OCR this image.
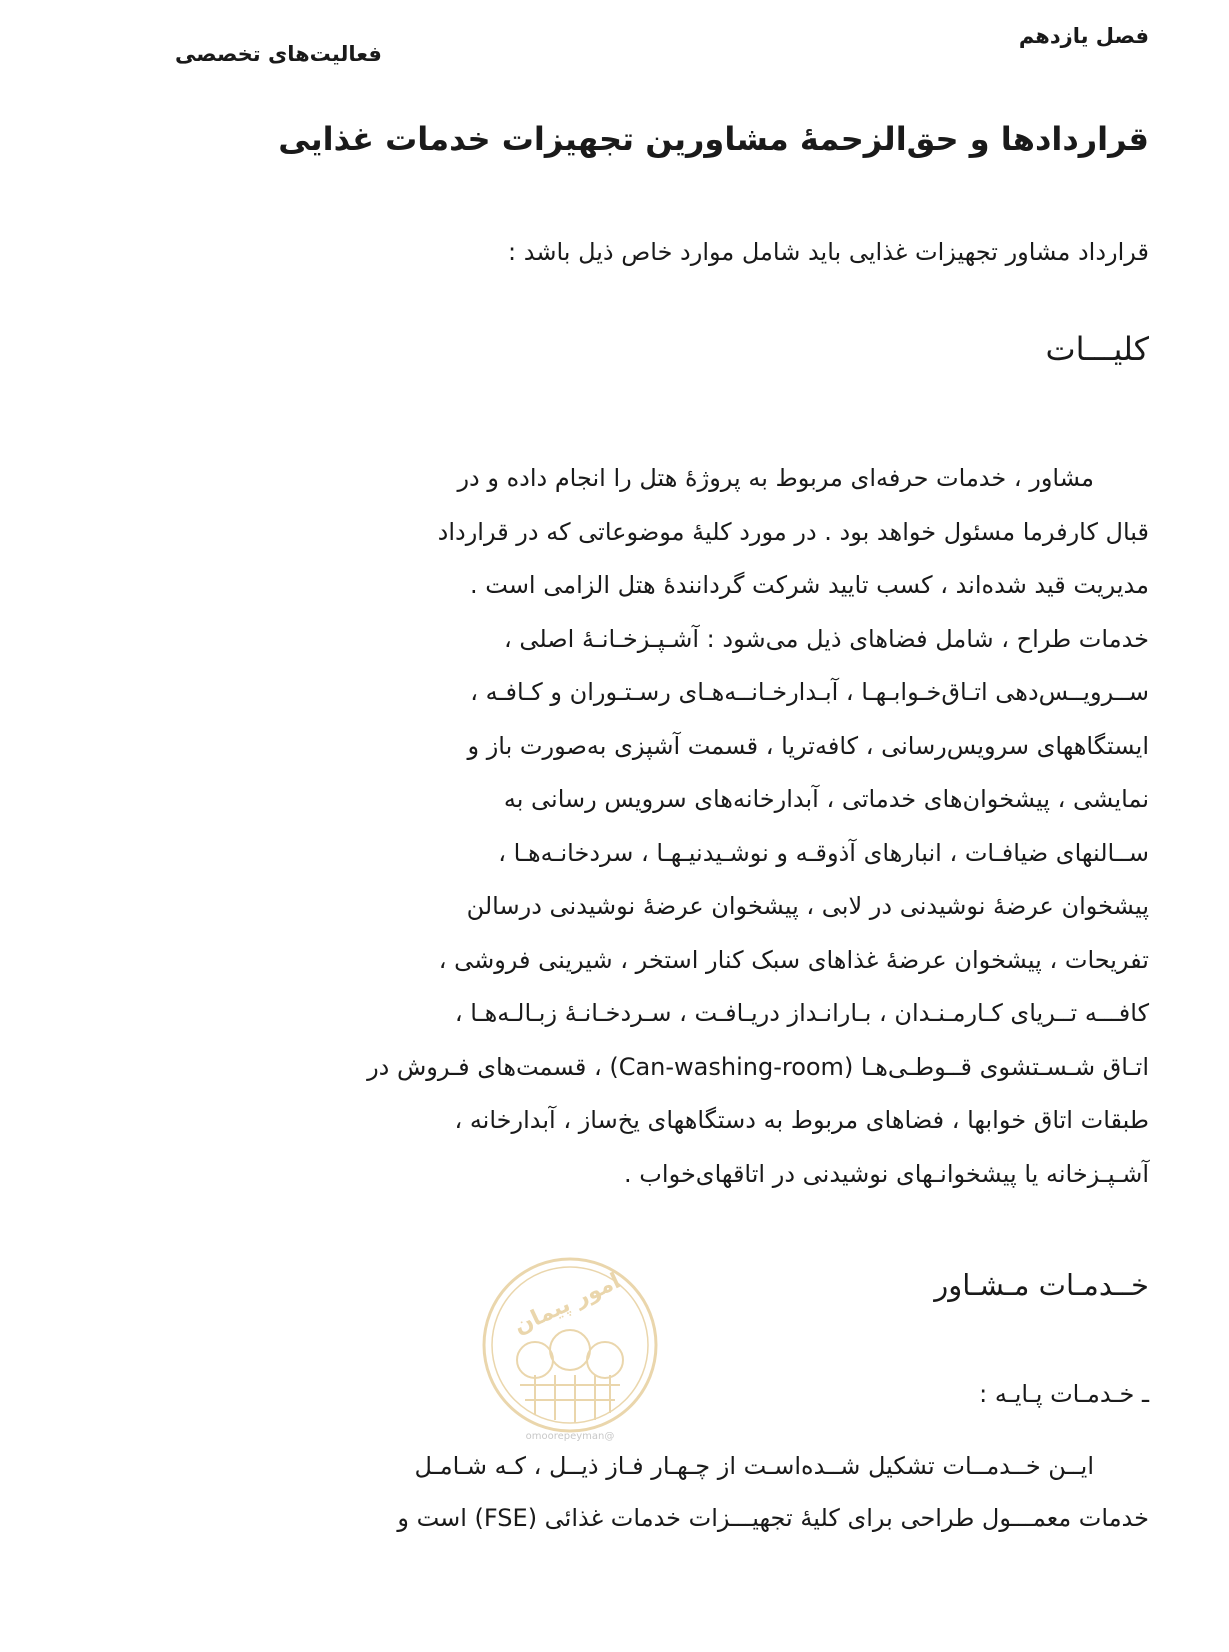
فصل یازدهم
فعالیت‌های تخصصی
قراردادها و حق‌الزحمهٔ مشاورین تجهیزات خدمات غذایی
قرارداد مشاور تجهیزات غذایی باید شامل موارد خاص ذیل باشد :
کلیـــات
مشاور ، خدمات حرفه‌ای مربوط به پروژهٔ هتل را انجام داده و در
قبال کارفرما مسئول خواهد بود . در مورد کلیهٔ موضوعاتی که در قرارداد
مدیریت قید شده‌اند ، کسب تایید شرکت گردانندهٔ هتل الزامی است .
خدمات طراح ، شامل فضاهای ذیل می‌شود : آشـپـزخـانـهٔ اصلی ،
ســرویــس‌دهی اتـاق‌خـوابـهـا ، آبـدارخـانــه‌هـای رسـتـوران و کـافـه ،
ایستگاههای سرویس‌رسانی ، کافه‌تریا ، قسمت آشپزی به‌صورت باز و
نمایشی ، پیشخوان‌های خدماتی ، آبدارخانه‌های سرویس رسانی به
ســالنهای ضیافـات ، انبارهای آذوقـه و نوشـیدنیـهـا ، سردخانـه‌هـا ،
پیشخوان عرضهٔ نوشیدنی در لابی ، پیشخوان عرضهٔ نوشیدنی درسالن
تفریحات ، پیشخوان عرضهٔ غذاهای سبک کنار استخر ، شیرینی فروشی ،
کافـــه تــریای کـارمـنـدان ، بـارانـداز دریـافـت ، سـردخـانـهٔ زبـالـه‌هـا ،
اتـاق شـسـتشوی قــوطـی‌هـا (Can-washing-room) ، قسمت‌های فـروش در
طبقات اتاق خوابها ، فضاهای مربوط به دستگاههای یخ‌ساز ، آبدارخانه ،
آشـپـزخانه یا پیشخوانـهای نوشیدنی در اتاقهای‌خواب .
خــدمـات مـشـاور
امور پیمان
@omoorepeyman
ـ خـدمـات پـایـه :
ایــن خــدمــات تشکیل شــده‌اسـت از چـهـار فـاز ذیــل ، کـه شـامـل
خدمات معمـــول طراحی برای کلیهٔ تجهیـــزات خدمات غذائی (FSE) است و
